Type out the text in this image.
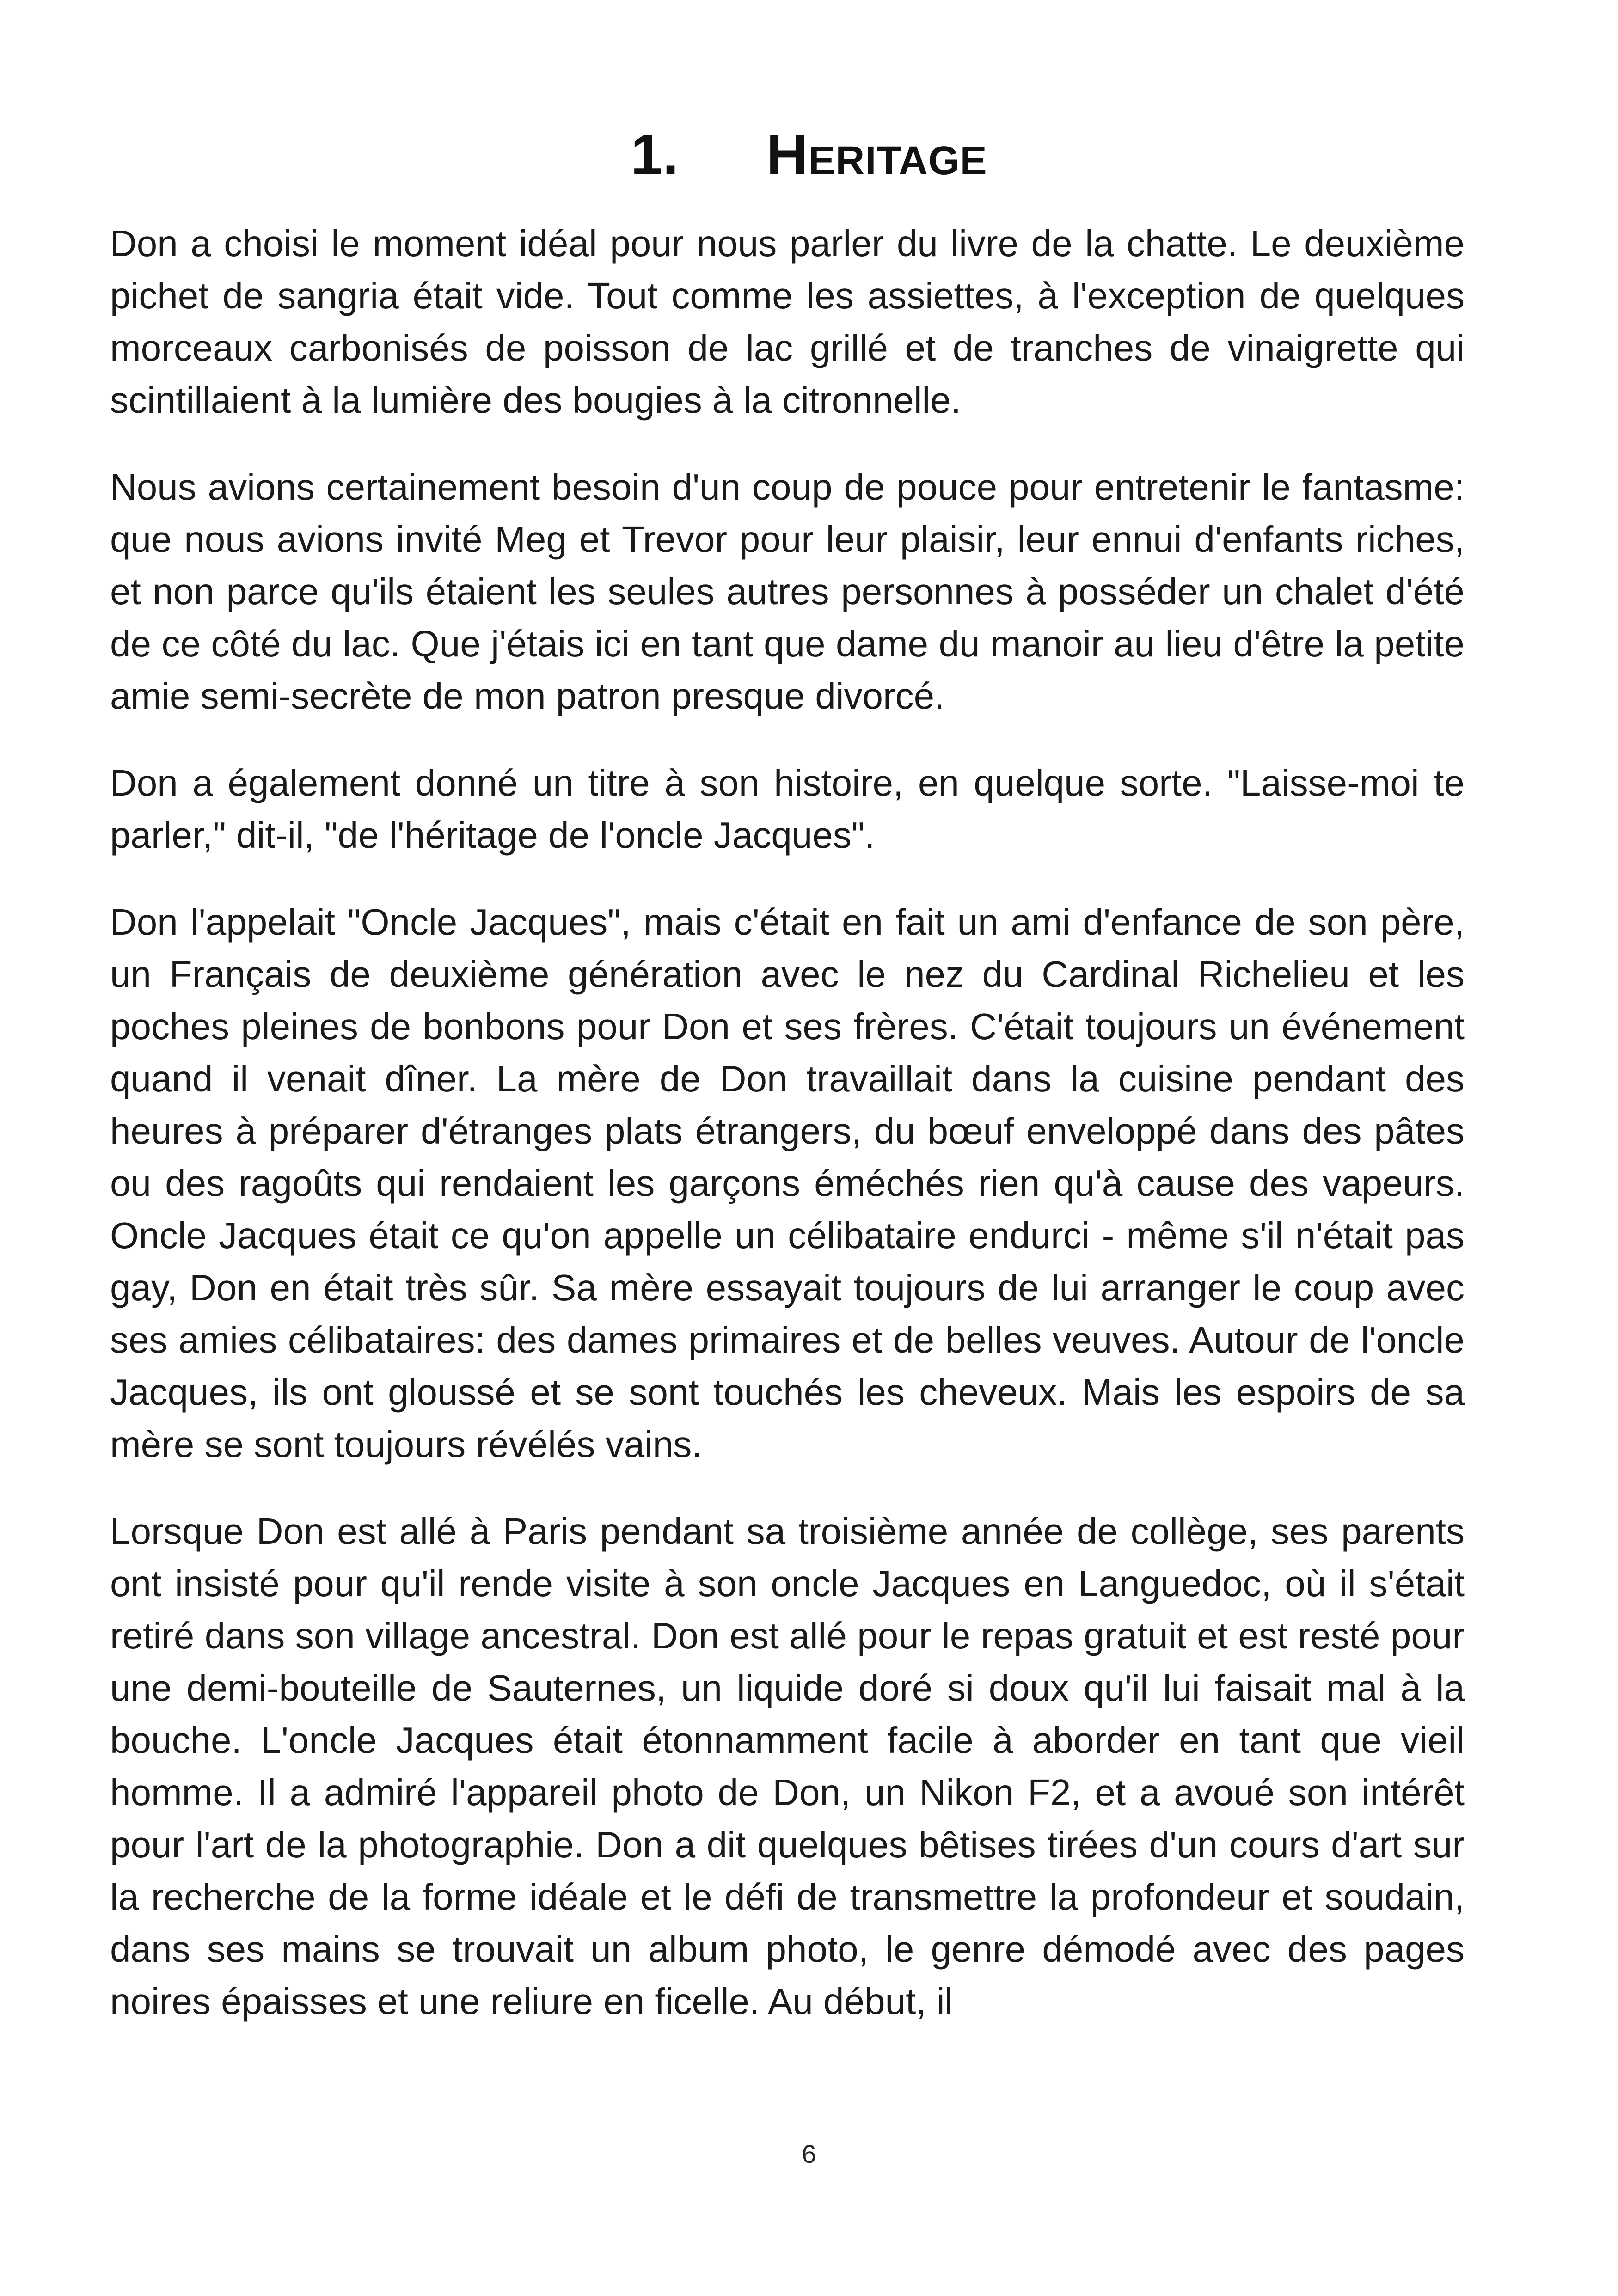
1. Heritage

Don a choisi le moment idéal pour nous parler du livre de la chatte. Le deuxième pichet de sangria était vide. Tout comme les assiettes, à l'exception de quelques morceaux carbonisés de poisson de lac grillé et de tranches de vinaigrette qui scintillaient à la lumière des bougies à la citronnelle.

Nous avions certainement besoin d'un coup de pouce pour entretenir le fantasme: que nous avions invité Meg et Trevor pour leur plaisir, leur ennui d'enfants riches, et non parce qu'ils étaient les seules autres personnes à posséder un chalet d'été de ce côté du lac. Que j'étais ici en tant que dame du manoir au lieu d'être la petite amie semi-secrète de mon patron presque divorcé.

Don a également donné un titre à son histoire, en quelque sorte. "Laisse-moi te parler," dit-il, "de l'héritage de l'oncle Jacques".

Don l'appelait "Oncle Jacques", mais c'était en fait un ami d'enfance de son père, un Français de deuxième génération avec le nez du Cardinal Richelieu et les poches pleines de bonbons pour Don et ses frères. C'était toujours un événement quand il venait dîner. La mère de Don travaillait dans la cuisine pendant des heures à préparer d'étranges plats étrangers, du bœuf enveloppé dans des pâtes ou des ragoûts qui rendaient les garçons éméchés rien qu'à cause des vapeurs. Oncle Jacques était ce qu'on appelle un célibataire endurci - même s'il n'était pas gay, Don en était très sûr. Sa mère essayait toujours de lui arranger le coup avec ses amies célibataires: des dames primaires et de belles veuves. Autour de l'oncle Jacques, ils ont gloussé et se sont touchés les cheveux. Mais les espoirs de sa mère se sont toujours révélés vains.

Lorsque Don est allé à Paris pendant sa troisième année de collège, ses parents ont insisté pour qu'il rende visite à son oncle Jacques en Languedoc, où il s'était retiré dans son village ancestral. Don est allé pour le repas gratuit et est resté pour une demi-bouteille de Sauternes, un liquide doré si doux qu'il lui faisait mal à la bouche. L'oncle Jacques était étonnamment facile à aborder en tant que vieil homme. Il a admiré l'appareil photo de Don, un Nikon F2, et a avoué son intérêt pour l'art de la photographie. Don a dit quelques bêtises tirées d'un cours d'art sur la recherche de la forme idéale et le défi de transmettre la profondeur et soudain, dans ses mains se trouvait un album photo, le genre démodé avec des pages noires épaisses et une reliure en ficelle. Au début, il

6
